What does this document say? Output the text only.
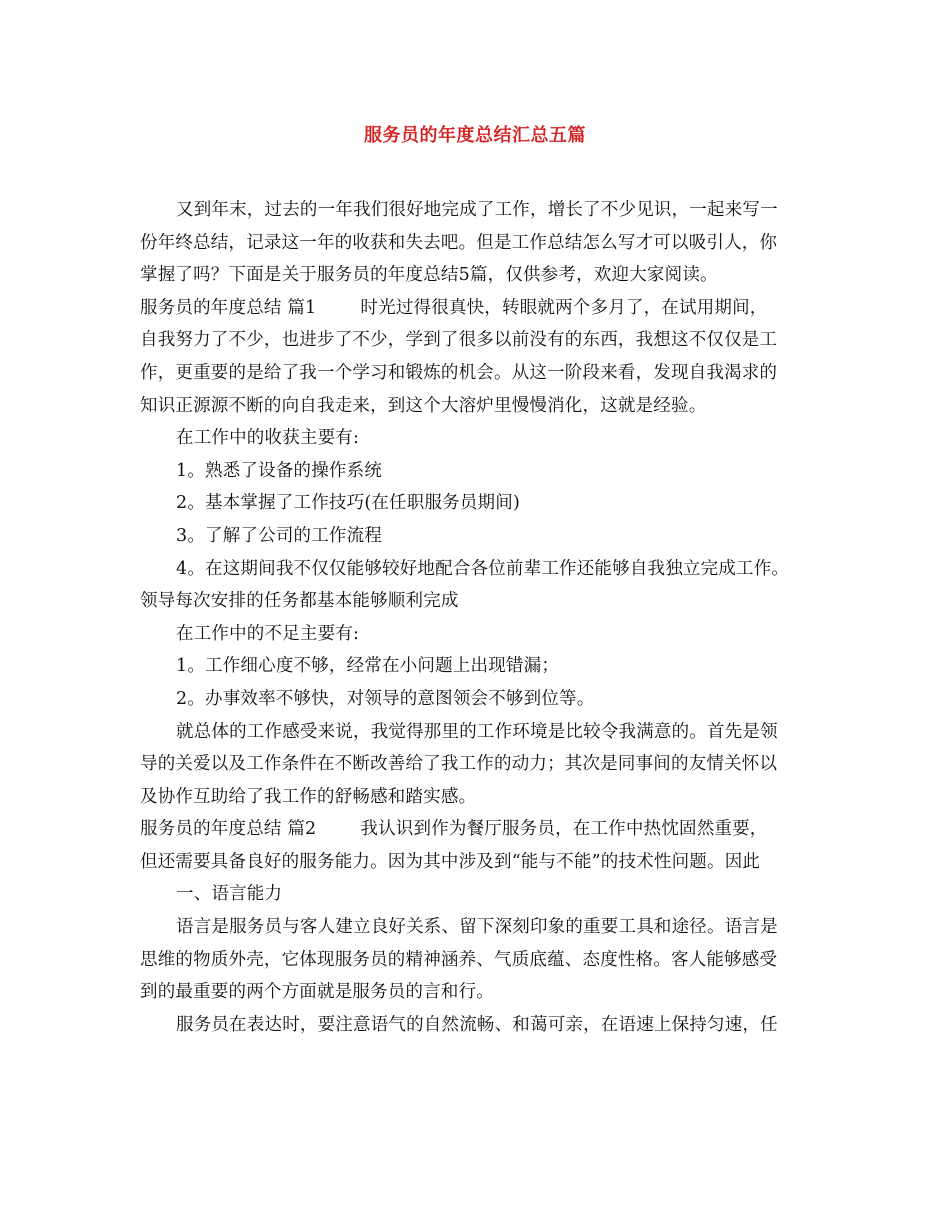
服务员的年度总结汇总五篇
又到年末，过去的一年我们很好地完成了工作，增长了不少见识，一起来写一
份年终总结，记录这一年的收获和失去吧。但是工作总结怎么写才可以吸引人，你
掌握了吗？下面是关于服务员的年度总结5篇，仅供参考，欢迎大家阅读。
服务员的年度总结 篇1	时光过得很真快，转眼就两个多月了，在试用期间，
自我努力了不少，也进步了不少，学到了很多以前没有的东西，我想这不仅仅是工
作，更重要的是给了我一个学习和锻炼的机会。从这一阶段来看，发现自我渴求的
知识正源源不断的向自我走来，到这个大溶炉里慢慢消化，这就是经验。
在工作中的收获主要有:
1。熟悉了设备的操作系统
2。基本掌握了工作技巧(在任职服务员期间)
3。了解了公司的工作流程
4。在这期间我不仅仅能够较好地配合各位前辈工作还能够自我独立完成工作。
领导每次安排的任务都基本能够顺利完成
在工作中的不足主要有:
1。工作细心度不够，经常在小问题上出现错漏；
2。办事效率不够快，对领导的意图领会不够到位等。
就总体的工作感受来说，我觉得那里的工作环境是比较令我满意的。首先是领
导的关爱以及工作条件在不断改善给了我工作的动力；其次是同事间的友情关怀以
及协作互助给了我工作的舒畅感和踏实感。
服务员的年度总结 篇2	我认识到作为餐厅服务员，在工作中热忱固然重要，
但还需要具备良好的服务能力。因为其中涉及到“能与不能”的技术性问题。因此
一、语言能力
语言是服务员与客人建立良好关系、留下深刻印象的重要工具和途径。语言是
思维的物质外壳，它体现服务员的精神涵养、气质底蕴、态度性格。客人能够感受
到的最重要的两个方面就是服务员的言和行。
服务员在表达时，要注意语气的自然流畅、和蔼可亲，在语速上保持匀速，任
